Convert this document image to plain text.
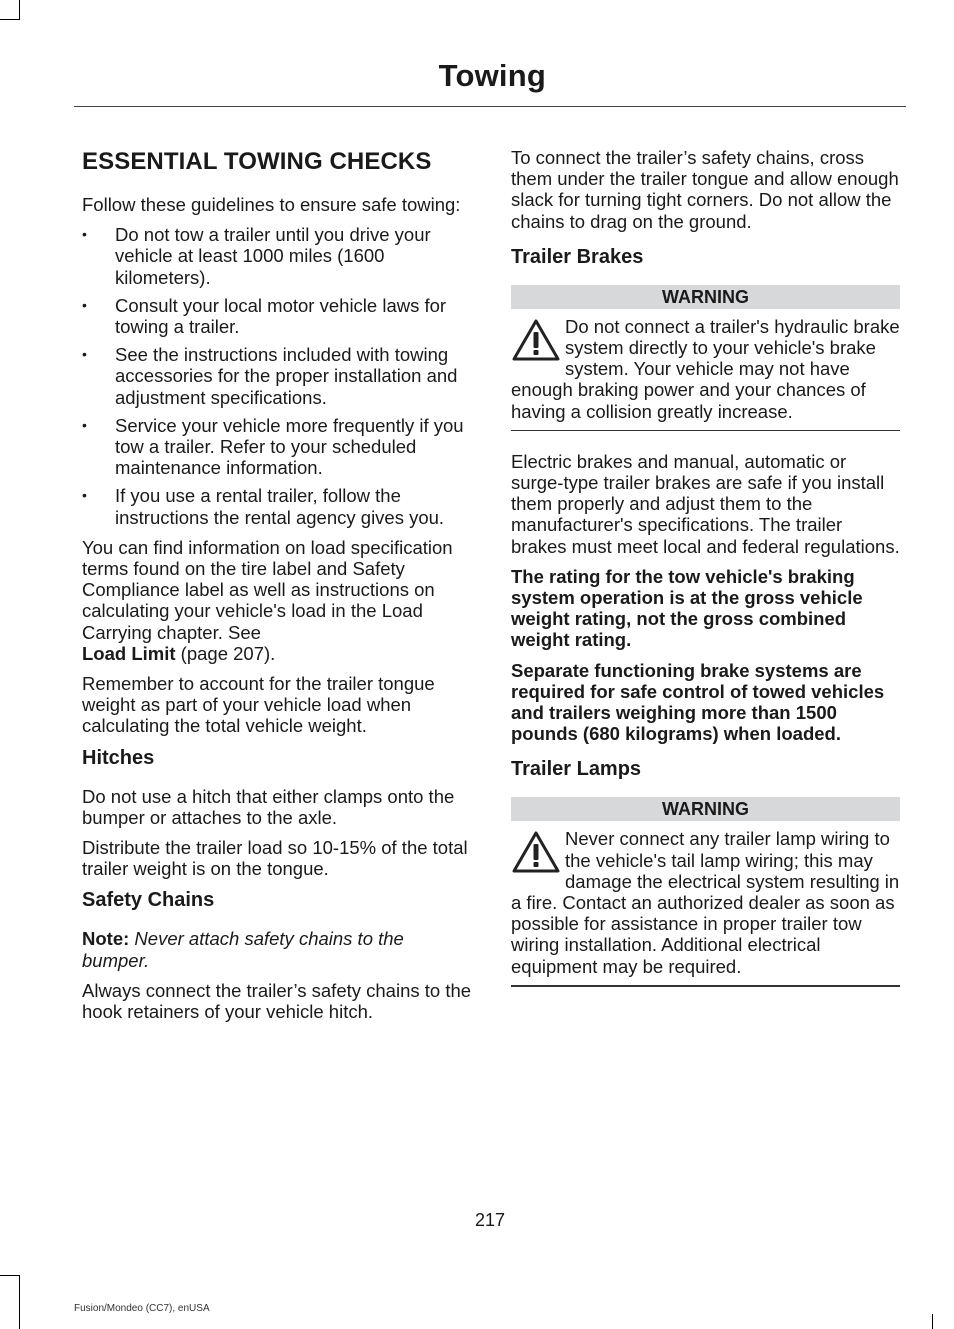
Towing
ESSENTIAL TOWING CHECKS

Follow these guidelines to ensure safe towing:

• Do not tow a trailer until you drive your vehicle at least 1000 miles (1600 kilometers).
• Consult your local motor vehicle laws for towing a trailer.
• See the instructions included with towing accessories for the proper installation and adjustment specifications.
• Service your vehicle more frequently if you tow a trailer. Refer to your scheduled maintenance information.
• If you use a rental trailer, follow the instructions the rental agency gives you.

You can find information on load specification terms found on the tire label and Safety Compliance label as well as instructions on calculating your vehicle's load in the Load Carrying chapter. See
Load Limit (page 207).

Remember to account for the trailer tongue weight as part of your vehicle load when calculating the total vehicle weight.

Hitches

Do not use a hitch that either clamps onto the bumper or attaches to the axle.

Distribute the trailer load so 10-15% of the total trailer weight is on the tongue.

Safety Chains

Note: Never attach safety chains to the bumper.

Always connect the trailer’s safety chains to the hook retainers of your vehicle hitch.

To connect the trailer’s safety chains, cross them under the trailer tongue and allow enough slack for turning tight corners. Do not allow the chains to drag on the ground.

Trailer Brakes
WARNING
Do not connect a trailer's hydraulic brake system directly to your vehicle's brake system. Your vehicle may not have enough braking power and your chances of having a collision greatly increase.

Electric brakes and manual, automatic or surge-type trailer brakes are safe if you install them properly and adjust them to the manufacturer's specifications. The trailer brakes must meet local and federal regulations.

The rating for the tow vehicle's braking system operation is at the gross vehicle weight rating, not the gross combined weight rating.

Separate functioning brake systems are required for safe control of towed vehicles and trailers weighing more than 1500 pounds (680 kilograms) when loaded.

Trailer Lamps
WARNING
Never connect any trailer lamp wiring to the vehicle's tail lamp wiring; this may damage the electrical system resulting in a fire. Contact an authorized dealer as soon as possible for assistance in proper trailer tow wiring installation. Additional electrical equipment may be required.
217
Fusion/Mondeo (CC7), enUSA
